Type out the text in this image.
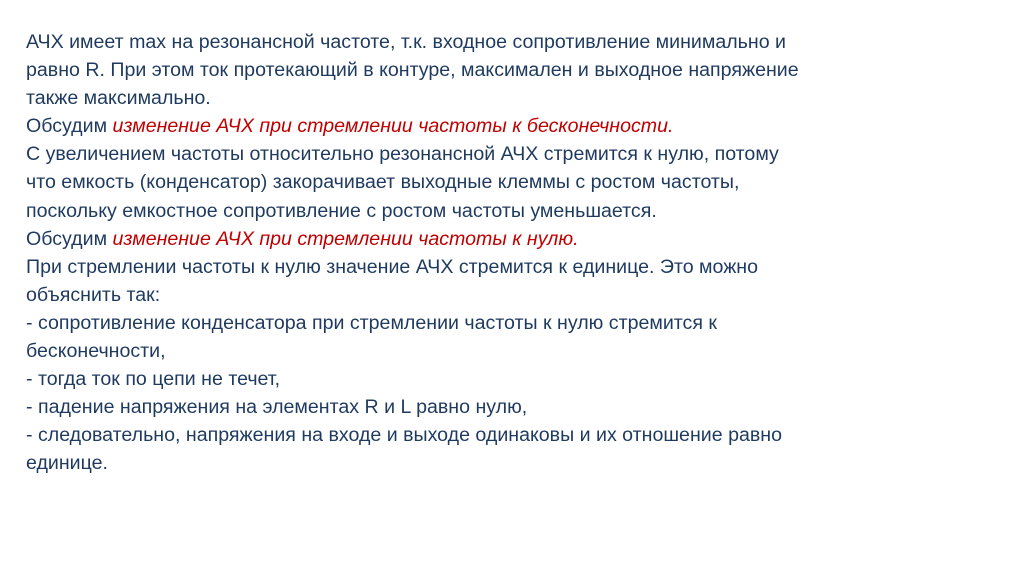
АЧХ имеет max на резонансной частоте, т.к. входное сопротивление минимально и
равно R. При этом ток протекающий в контуре, максимален и выходное напряжение
также максимально.
Обсудим изменение АЧХ при стремлении частоты к бесконечности.
С увеличением частоты относительно резонансной АЧХ стремится к нулю, потому
что емкость (конденсатор) закорачивает выходные клеммы с ростом частоты,
поскольку емкостное сопротивление с ростом частоты уменьшается.
Обсудим изменение АЧХ при стремлении частоты к нулю.
При стремлении частоты к нулю значение АЧХ стремится к единице. Это можно
объяснить так:
- сопротивление конденсатора при стремлении частоты к нулю стремится к
бесконечности,
- тогда ток по цепи не течет,
- падение напряжения на элементах R и L равно нулю,
- следовательно, напряжения на входе и выходе одинаковы и их отношение равно
единице.
